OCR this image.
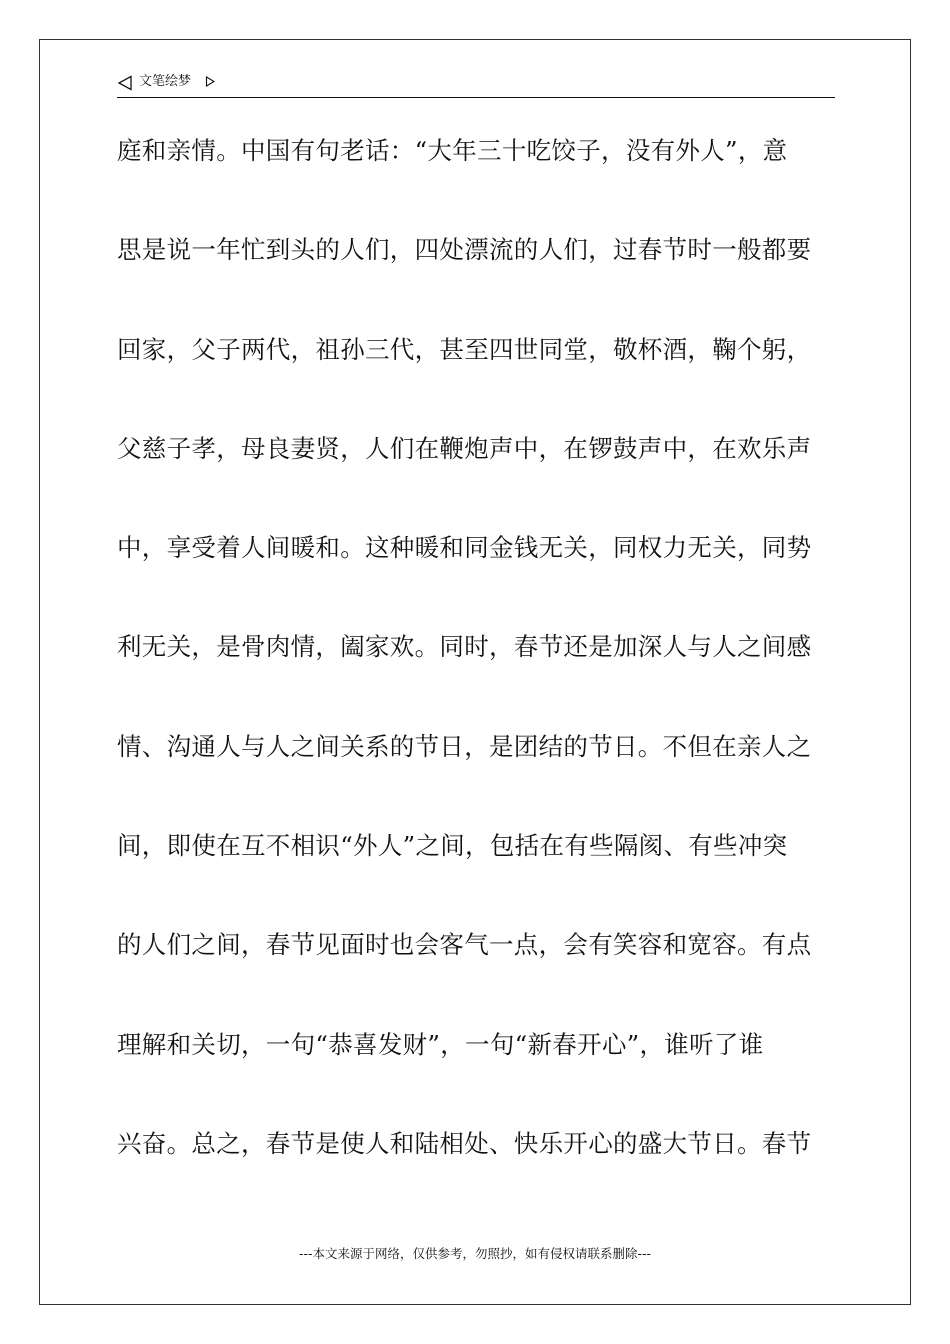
文笔绘梦
庭和亲情。中国有句老话：“大年三十吃饺子，没有外人”，意
思是说一年忙到头的人们，四处漂流的人们，过春节时一般都要
回家，父子两代，祖孙三代，甚至四世同堂，敬杯酒，鞠个躬，
父慈子孝，母良妻贤，人们在鞭炮声中，在锣鼓声中，在欢乐声
中，享受着人间暖和。这种暖和同金钱无关，同权力无关，同势
利无关，是骨肉情，阖家欢。同时，春节还是加深人与人之间感
情、沟通人与人之间关系的节日，是团结的节日。不但在亲人之
间，即使在互不相识“外人”之间，包括在有些隔阂、有些冲突
的人们之间，春节见面时也会客气一点，会有笑容和宽容。有点
理解和关切，一句“恭喜发财”，一句“新春开心”，谁听了谁
兴奋。总之，春节是使人和陆相处、快乐开心的盛大节日。春节
---本文来源于网络，仅供参考，勿照抄，如有侵权请联系删除---
